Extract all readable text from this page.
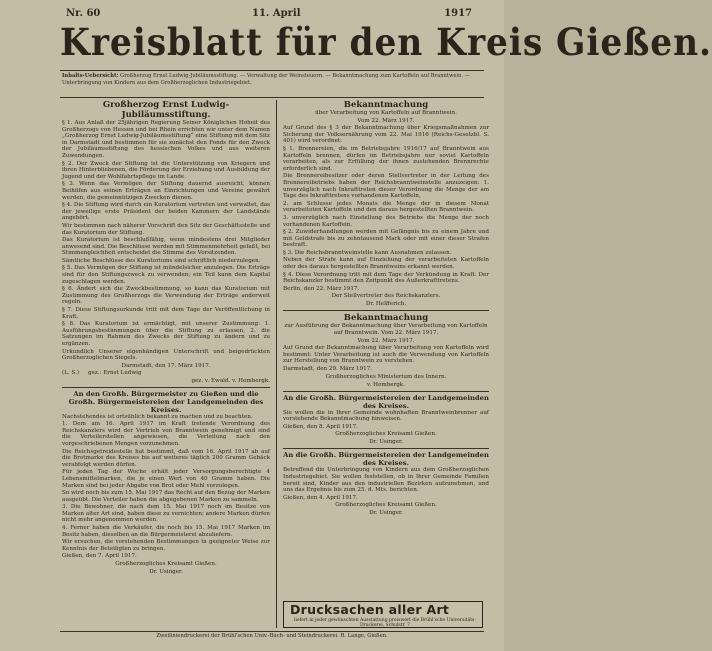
Nr. 60	11. April	1917
Kreisblatt für den Kreis Gießen.
Inhalts-Uebersicht: Großherzog Ernst Ludwig-Jubiläumsstiftung. — Verwaltung der Weinsteuern. — Bekanntmachung zum Kartoffeln auf Branntwein. — Unterbringung von Kindern aus dem Großherzoglichen Industriegebiet.
Großherzog Ernst Ludwig-Jubiläumsstiftung.

§ 1. Aus Anlaß der 25jährigen Regierung Seiner Königlichen Hoheit des Großherzogs von Hessen und bei Rhein errichten wir unter dem Namen „Großherzog Ernst Ludwig-Jubiläumsstiftung“ eine Stiftung mit dem Sitz in Darmstadt und bestimmen für sie zunächst den Fonds für den Zweck der Jubiläumsstiftung des hessischen Volkes und aus weiteren Zuwendungen.

§ 2. Der Zweck der Stiftung ist die Unterstützung von Kriegern und ihren Hinterbliebenen, die Förderung der Erziehung und Ausbildung der Jugend und der Wohlfahrtspflege im Lande.

§ 3. Wenn das Vermögen der Stiftung dauernd ausreicht, können Beihilfen aus seinen Erträgen an Einrichtungen und Vereine gewährt werden, die gemeinnützigen Zwecken dienen.

§ 4. Die Stiftung wird durch ein Kuratorium vertreten und verwaltet, das der jeweilige erste Präsident der beiden Kammern der Landstände angehört.

Wir bestimmen nach näherer Vorschrift den Sitz der Geschäftsstelle und das Kuratorium der Stiftung.

Das Kuratorium ist beschlußfähig, wenn mindestens drei Mitglieder anwesend sind. Die Beschlüsse werden mit Stimmenmehrheit gefaßt, bei Stimmengleichheit entscheidet die Stimme des Vorsitzenden.

Sämtliche Beschlüsse des Kuratoriums sind schriftlich niederzulegen.

§ 5. Das Vermögen der Stiftung ist mündelsicher anzulegen. Die Erträge sind für den Stiftungszweck zu verwenden; ein Teil kann dem Kapital zugeschlagen werden.

§ 6. Ändert sich die Zweckbestimmung, so kann das Kuratorium mit Zustimmung des Großherzogs die Verwendung der Erträge anderweit regeln.

§ 7. Diese Stiftungsurkunde tritt mit dem Tage der Veröffentlichung in Kraft.

§ 8. Das Kuratorium ist ermächtigt, mit unserer Zustimmung: 1. Ausführungsbestimmungen über die Stiftung zu erlassen, 2. die Satzungen im Rahmen des Zwecks der Stiftung zu ändern und zu ergänzen.

Urkundlich Unserer eigenhändigen Unterschrift und beigedrückten Großherzoglichen Siegels.

Darmstadt, den 17. März 1917.

(L. S.) gez.: Ernst Ludwig

gez. v. Ewald. v. Hombergk.

An den Großh. Bürgermeister zu Gießen und die Großh. Bürgermeistereien der Landgemeinden des Kreises.

Nachstehendes ist ortsüblich bekannt zu machen und zu beachten.

1. Dem am 16. April 1917 im Kraft tretende Verordnung des Reichskanzlers wird der Vertrieb von Branntwein genehmigt und sind die Verteilerstellen angewiesen, die Verteilung nach den vorgeschriebenen Mengen vorzunehmen.

Die Reichsgetreidestelle hat bestimmt, daß vom 16. April 1917 ab auf die Brotmarke des Kreises bis auf weiteres täglich 200 Gramm Gebäck verabfolgt werden dürfen.

Für jeden Tag der Woche erhält jeder Versorgungsberechtigte 4 Lebensmittelmarken, die je einen Wert von 40 Gramm haben. Die Marken sind bei jeder Abgabe von Brot oder Mehl vorzulegen.

So wird noch bis zum 15. Mai 1917 das Recht auf den Bezug der Marken ausgeübt. Die Verteiler haben die abgegebenen Marken zu sammeln.

3. Die Bewohner, die nach dem 15. Mai 1917 noch im Besitze von Marken alter Art sind, haben diese zu vernichten; andere Marken dürfen nicht mehr angenommen werden.

4. Ferner haben die Verkäufer, die noch bis 15. Mai 1917 Marken im Besitz haben, dieselben an die Bürgermeisterei abzuliefern.

Wir ersuchen, die vorstehenden Bestimmungen in geeigneter Weise zur Kenntnis der Beteiligten zu bringen.

Gießen, den 7. April 1917.

Großherzogliches Kreisamt Gießen.

Dr. Usinger.

Bekanntmachung

über Verarbeitung von Kartoffeln auf Branntwein.

Vom 22. März 1917.

Auf Grund des § 3 der Bekanntmachung über Kriegsmaßnahmen zur Sicherung der Volksernährung vom 22. Mai 1916 (Reichs-Gesetzbl. S. 401) wird verordnet:

§ 1. Brennereien, die im Betriebsjahre 1916/17 auf Branntwein aus Kartoffeln brennen, dürfen im Betriebsjahre nur soviel Kartoffeln verarbeiten, als zur Erfüllung der ihnen zustehenden Brennrechte erforderlich sind.

Die Brennereibesitzer oder deren Stellvertreter in der Leitung des Brennereibetriebs haben der Reichsbranntweinstelle anzuzeigen: 1. unverzüglich nach Inkrafttreten dieser Verordnung die Menge der am Tage des Inkrafttretens vorhandenen Kartoffeln,

2. am Schlusse jedes Monats die Menge der in diesem Monat verarbeiteten Kartoffeln und den daraus hergestellten Branntwein.

3. unverzüglich nach Einstellung des Betriebs die Menge der noch vorhandenen Kartoffeln.

§ 2. Zuwiderhandlungen werden mit Gefängnis bis zu einem Jahre und mit Geldstrafe bis zu zehntausend Mark oder mit einer dieser Strafen bestraft.

§ 3. Die Reichsbranntweinstelle kann Ausnahmen zulassen.

Neben der Strafe kann auf Einziehung der verarbeiteten Kartoffeln oder des daraus hergestellten Branntweins erkannt werden.

§ 4. Diese Verordnung tritt mit dem Tage der Verkündung in Kraft. Der Reichskanzler bestimmt den Zeitpunkt des Außerkrafttretens.

Berlin, den 22. März 1917.

Der Stellvertreter des Reichskanzlers.

Dr. Helfferich.

Bekanntmachung

zur Ausführung der Bekanntmachung über Verarbeitung von Kartoffeln auf Branntwein. Vom 22. März 1917.

Vom 22. März 1917.

Auf Grund der Bekanntmachung über Verarbeitung von Kartoffeln wird bestimmt: Unter Verarbeitung ist auch die Verwendung von Kartoffeln zur Herstellung von Branntwein zu verstehen.

Darmstadt, den 29. März 1917.

Großherzogliches Ministerium des Innern.

v. Hombergk.

An die Großh. Bürgermeistereien der Landgemeinden des Kreises.

Sie wollen die in Ihrer Gemeinde wohnhaften Branntweinbrenner auf vorstehende Bekanntmachung hinweisen.

Gießen, den 8. April 1917.

Großherzogliches Kreisamt Gießen.

Dr. Usinger.

An die Großh. Bürgermeistereien der Landgemeinden des Kreises.

Betreffend die Unterbringung von Kindern aus dem Großherzoglichen Industriegebiet. Sie wollen feststellen, ob in Ihrer Gemeinde Familien bereit sind, Kinder aus den industriellen Bezirken aufzunehmen, und uns das Ergebnis bis zum 25. d. Mts. berichten.

Gießen, den 4. April 1917.

Großherzogliches Kreisamt Gießen.

Dr. Usinger.

Drucksachen aller Art
liefert in jeder gewünschten Ausstattung preiswert die Brühl'sche Universitäts-Druckerei, Schulstr. 7
Zweiliniendruckerei der Brühl'schen Univ.-Buch- und Steindruckerei. R. Lange, Gießen.
